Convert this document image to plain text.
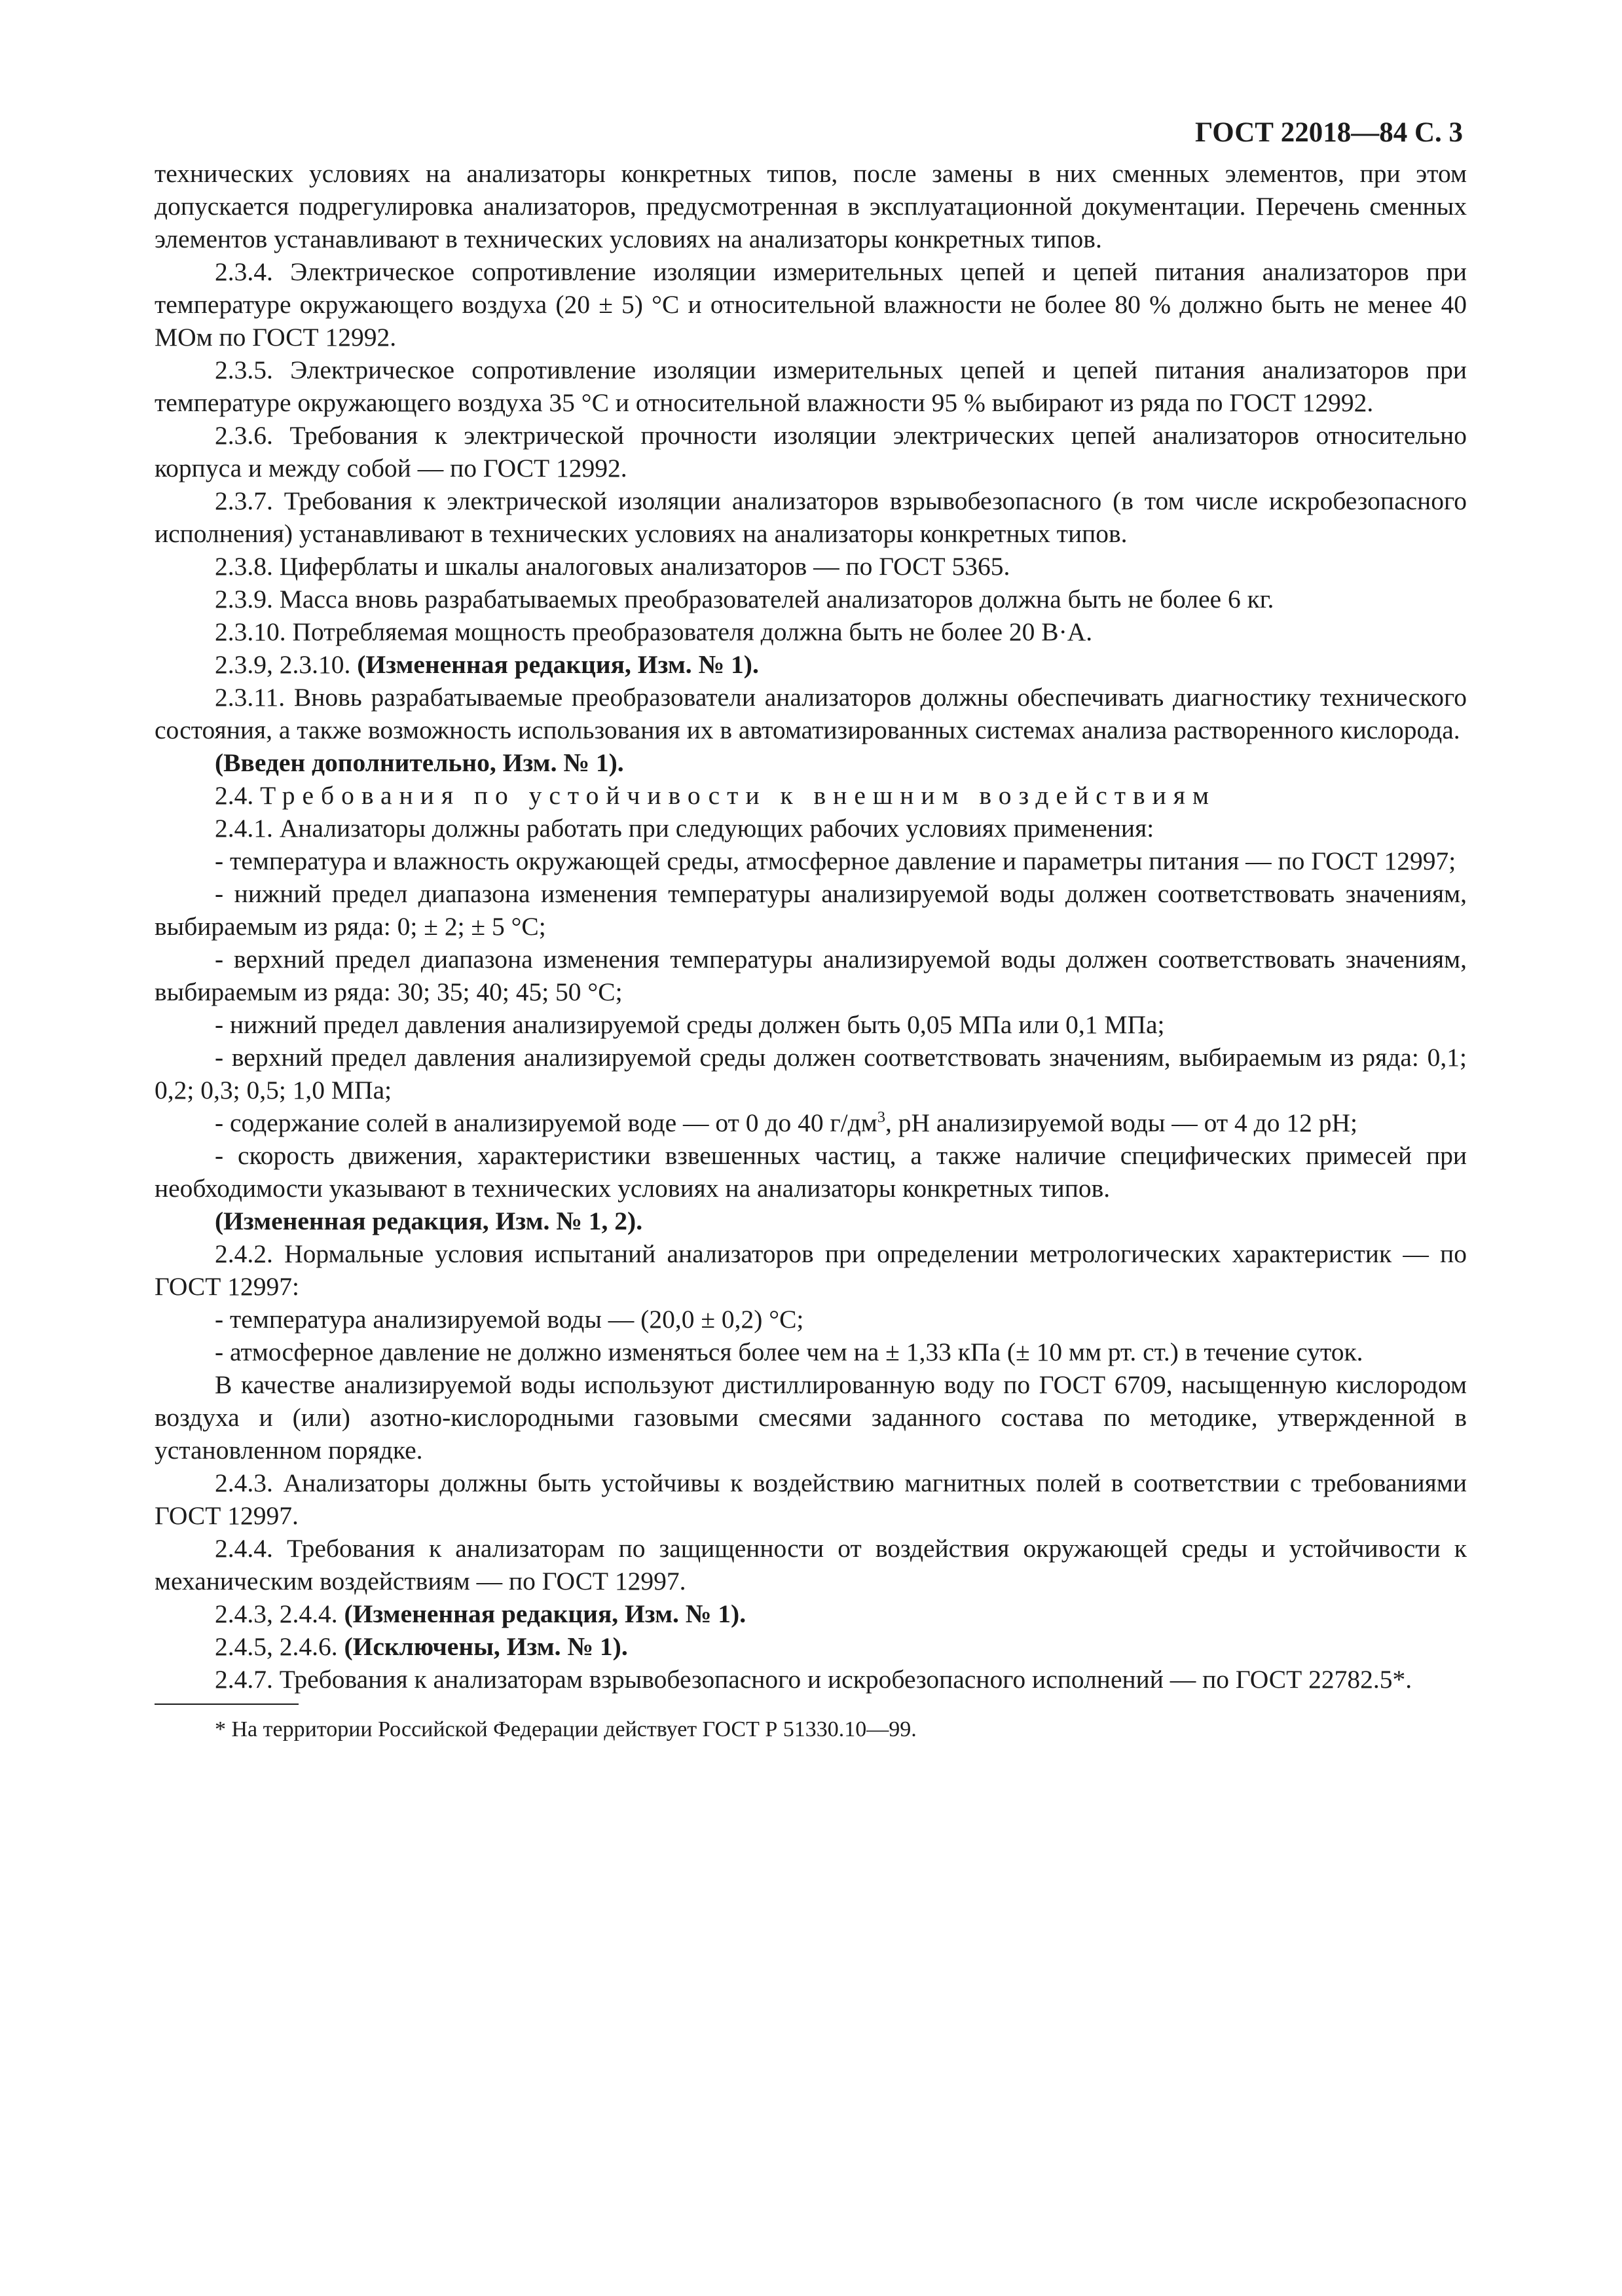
ГОСТ 22018—84 С. 3

технических условиях на анализаторы конкретных типов, после замены в них сменных элементов, при этом допускается подрегулировка анализаторов, предусмотренная в эксплуатационной документации. Перечень сменных элементов устанавливают в технических условиях на анализаторы конкретных типов.

2.3.4. Электрическое сопротивление изоляции измерительных цепей и цепей питания анализаторов при температуре окружающего воздуха (20 ± 5) °С и относительной влажности не более 80 % должно быть не менее 40 МОм по ГОСТ 12992.

2.3.5. Электрическое сопротивление изоляции измерительных цепей и цепей питания анализаторов при температуре окружающего воздуха 35 °С и относительной влажности 95 % выбирают из ряда по ГОСТ 12992.

2.3.6. Требования к электрической прочности изоляции электрических цепей анализаторов относительно корпуса и между собой — по ГОСТ 12992.

2.3.7. Требования к электрической изоляции анализаторов взрывобезопасного (в том числе искробезопасного исполнения) устанавливают в технических условиях на анализаторы конкретных типов.

2.3.8. Циферблаты и шкалы аналоговых анализаторов — по ГОСТ 5365.

2.3.9. Масса вновь разрабатываемых преобразователей анализаторов должна быть не более 6 кг.

2.3.10. Потребляемая мощность преобразователя должна быть не более 20 В·А.

2.3.9, 2.3.10. (Измененная редакция, Изм. № 1).

2.3.11. Вновь разрабатываемые преобразователи анализаторов должны обеспечивать диагностику технического состояния, а также возможность использования их в автоматизированных системах анализа растворенного кислорода.

(Введен дополнительно, Изм. № 1).

2.4. Требования по устойчивости к внешним воздействиям

2.4.1. Анализаторы должны работать при следующих рабочих условиях применения:

- температура и влажность окружающей среды, атмосферное давление и параметры питания — по ГОСТ 12997;

- нижний предел диапазона изменения температуры анализируемой воды должен соответствовать значениям, выбираемым из ряда: 0; ± 2; ± 5 °С;

- верхний предел диапазона изменения температуры анализируемой воды должен соответствовать значениям, выбираемым из ряда: 30; 35; 40; 45; 50 °С;

- нижний предел давления анализируемой среды должен быть 0,05 МПа или 0,1 МПа;

- верхний предел давления анализируемой среды должен соответствовать значениям, выбираемым из ряда: 0,1; 0,2; 0,3; 0,5; 1,0 МПа;

- содержание солей в анализируемой воде — от 0 до 40 $г/дм^3$, рН анализируемой воды — от 4 до 12 рН;

- скорость движения, характеристики взвешенных частиц, а также наличие специфических примесей при необходимости указывают в технических условиях на анализаторы конкретных типов.

(Измененная редакция, Изм. № 1, 2).

2.4.2. Нормальные условия испытаний анализаторов при определении метрологических характеристик — по ГОСТ 12997:

- температура анализируемой воды — (20,0 ± 0,2) °С;

- атмосферное давление не должно изменяться более чем на ± 1,33 кПа (± 10 мм рт. ст.) в течение суток.

В качестве анализируемой воды используют дистиллированную воду по ГОСТ 6709, насыщенную кислородом воздуха и (или) азотно-кислородными газовыми смесями заданного состава по методике, утвержденной в установленном порядке.

2.4.3. Анализаторы должны быть устойчивы к воздействию магнитных полей в соответствии с требованиями ГОСТ 12997.

2.4.4. Требования к анализаторам по защищенности от воздействия окружающей среды и устойчивости к механическим воздействиям — по ГОСТ 12997.

2.4.3, 2.4.4. (Измененная редакция, Изм. № 1).

2.4.5, 2.4.6. (Исключены, Изм. № 1).

2.4.7. Требования к анализаторам взрывобезопасного и искробезопасного исполнений — по ГОСТ 22782.5*.

* На территории Российской Федерации действует ГОСТ Р 51330.10—99.
